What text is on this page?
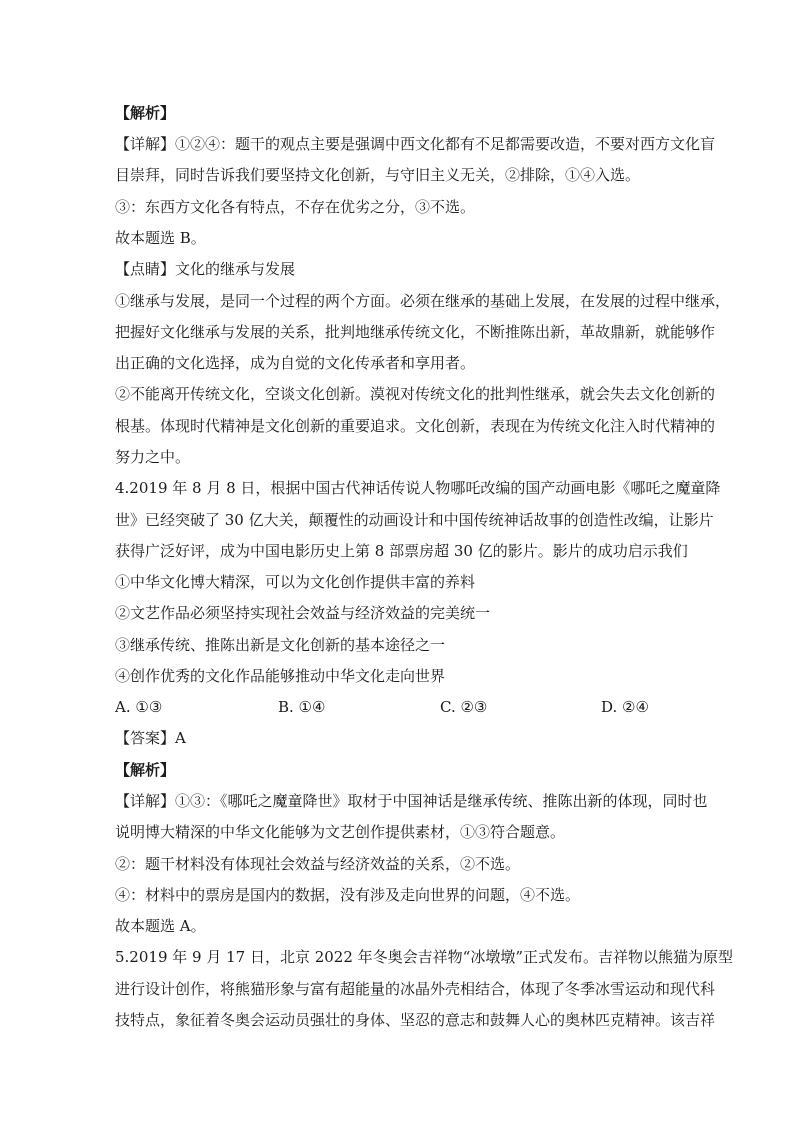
【解析】
【详解】①②④：题干的观点主要是强调中西文化都有不足都需要改造，不要对西方文化盲
目崇拜，同时告诉我们要坚持文化创新，与守旧主义无关，②排除，①④入选。
③：东西方文化各有特点，不存在优劣之分，③不选。
故本题选 B。
【点睛】文化的继承与发展
①继承与发展，是同一个过程的两个方面。必须在继承的基础上发展，在发展的过程中继承，
把握好文化继承与发展的关系，批判地继承传统文化，不断推陈出新，革故鼎新，就能够作
出正确的文化选择，成为自觉的文化传承者和享用者。
②不能离开传统文化，空谈文化创新。漠视对传统文化的批判性继承，就会失去文化创新的
根基。体现时代精神是文化创新的重要追求。文化创新，表现在为传统文化注入时代精神的
努力之中。
4.2019 年 8 月 8 日，根据中国古代神话传说人物哪吒改编的国产动画电影《哪吒之魔童降
世》已经突破了 30 亿大关，颠覆性的动画设计和中国传统神话故事的创造性改编，让影片
获得广泛好评，成为中国电影历史上第 8 部票房超 30 亿的影片。影片的成功启示我们
①中华文化博大精深，可以为文化创作提供丰富的养料
②文艺作品必须坚持实现社会效益与经济效益的完美统一
③继承传统、推陈出新是文化创新的基本途径之一
④创作优秀的文化作品能够推动中华文化走向世界
A. ①③	B. ①④	C. ②③	D. ②④
【答案】A
【解析】
【详解】①③：《哪吒之魔童降世》取材于中国神话是继承传统、推陈出新的体现，同时也
说明博大精深的中华文化能够为文艺创作提供素材，①③符合题意。
②：题干材料没有体现社会效益与经济效益的关系，②不选。
④：材料中的票房是国内的数据，没有涉及走向世界的问题，④不选。
故本题选 A。
5.2019 年 9 月 17 日，北京 2022 年冬奥会吉祥物“冰墩墩”正式发布。吉祥物以熊猫为原型
进行设计创作，将熊猫形象与富有超能量的冰晶外壳相结合，体现了冬季冰雪运动和现代科
技特点，象征着冬奥会运动员强壮的身体、坚忍的意志和鼓舞人心的奥林匹克精神。该吉祥
